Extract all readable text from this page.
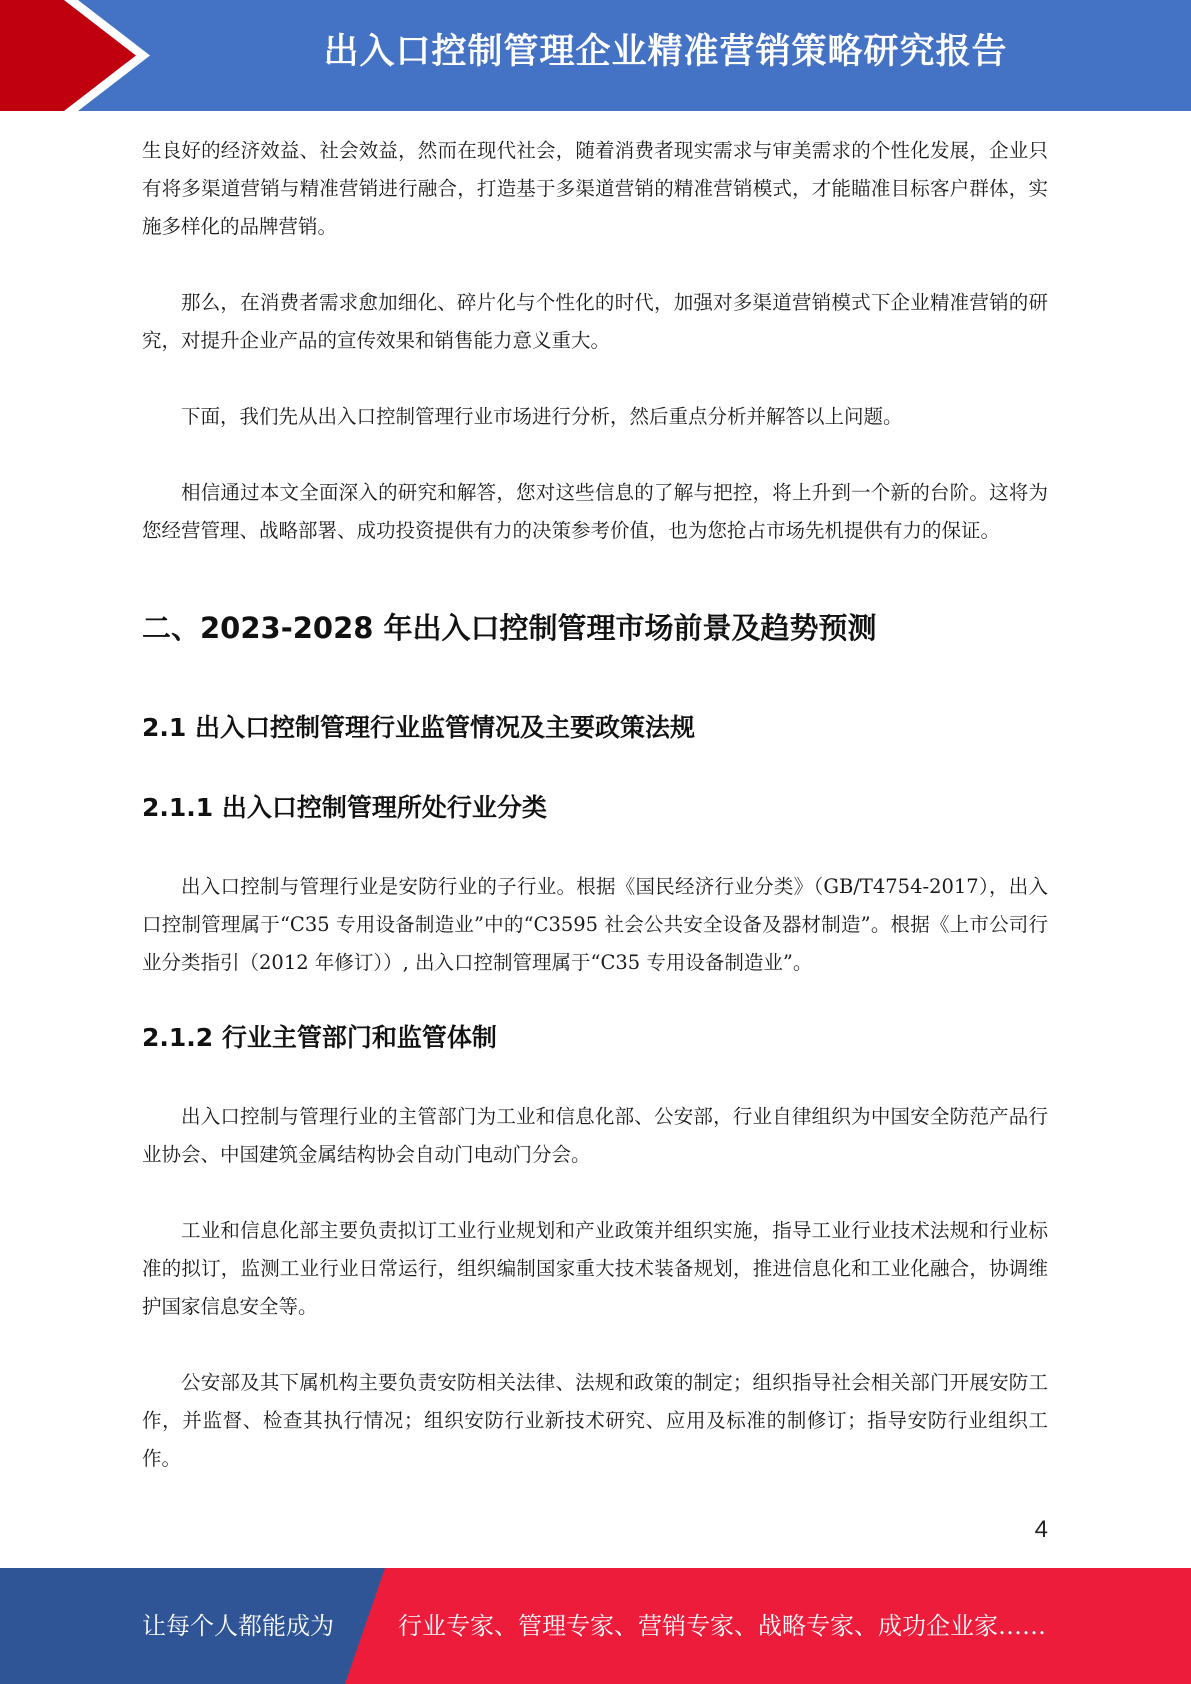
出入口控制管理企业精准营销策略研究报告

生良好的经济效益、社会效益，然而在现代社会，随着消费者现实需求与审美需求的个性化发展，企业只有将多渠道营销与精准营销进行融合，打造基于多渠道营销的精准营销模式，才能瞄准目标客户群体，实施多样化的品牌营销。

那么，在消费者需求愈加细化、碎片化与个性化的时代，加强对多渠道营销模式下企业精准营销的研究，对提升企业产品的宣传效果和销售能力意义重大。

下面，我们先从出入口控制管理行业市场进行分析，然后重点分析并解答以上问题。

相信通过本文全面深入的研究和解答，您对这些信息的了解与把控，将上升到一个新的台阶。这将为您经营管理、战略部署、成功投资提供有力的决策参考价值，也为您抢占市场先机提供有力的保证。

二、2023-2028 年出入口控制管理市场前景及趋势预测
2.1 出入口控制管理行业监管情况及主要政策法规
2.1.1 出入口控制管理所处行业分类

出入口控制与管理行业是安防行业的子行业。根据《国民经济行业分类》（GB/T4754-2017），出入口控制管理属于“C35 专用设备制造业”中的“C3595 社会公共安全设备及器材制造”。根据《上市公司行业分类指引（2012 年修订））, 出入口控制管理属于“C35 专用设备制造业”。

2.1.2 行业主管部门和监管体制

出入口控制与管理行业的主管部门为工业和信息化部、公安部，行业自律组织为中国安全防范产品行业协会、中国建筑金属结构协会自动门电动门分会。

工业和信息化部主要负责拟订工业行业规划和产业政策并组织实施，指导工业行业技术法规和行业标准的拟订，监测工业行业日常运行，组织编制国家重大技术装备规划，推进信息化和工业化融合，协调维护国家信息安全等。

公安部及其下属机构主要负责安防相关法律、法规和政策的制定；组织指导社会相关部门开展安防工作，并监督、检查其执行情况；组织安防行业新技术研究、应用及标准的制修订；指导安防行业组织工作。

4
让每个人都能成为	行业专家、管理专家、营销专家、战略专家、成功企业家……
